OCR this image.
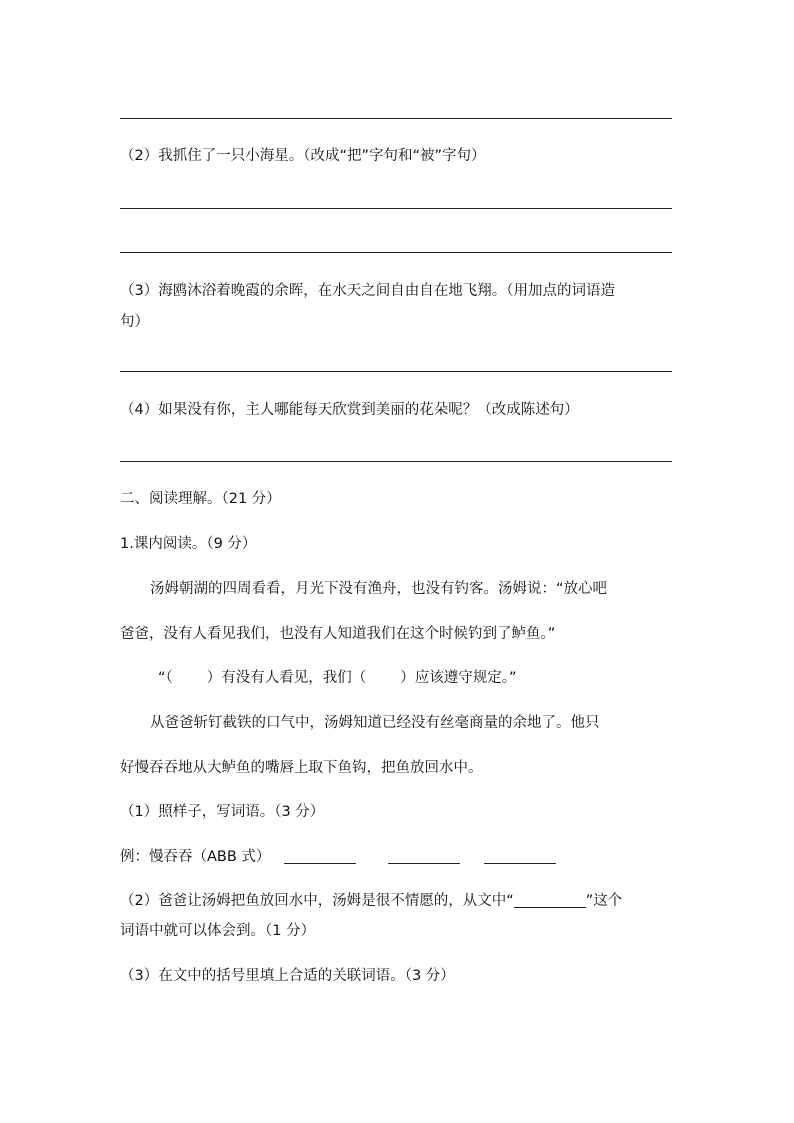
（2）我抓住了一只小海星。（改成“把”字句和“被”字句）
（3）海鸥沐浴着晚霞的余晖，在水天之间自由自在地飞翔。（用加点的词语造
句）
（4）如果没有你，主人哪能每天欣赏到美丽的花朵呢？（改成陈述句）
二、阅读理解。（21 分）
1.课内阅读。（9 分）
汤姆朝湖的四周看看，月光下没有渔舟，也没有钓客。汤姆说：“放心吧
爸爸，没有人看见我们，也没有人知道我们在这个时候钓到了鲈鱼。”
“（ ）有没有人看见，我们（ ）应该遵守规定。”
从爸爸斩钉截铁的口气中，汤姆知道已经没有丝毫商量的余地了。他只
好慢吞吞地从大鲈鱼的嘴唇上取下鱼钩，把鱼放回水中。
（1）照样子，写词语。（3 分）
例：慢吞吞（ABB 式）
（2）爸爸让汤姆把鱼放回水中，汤姆是很不情愿的，从文中“	”这个
词语中就可以体会到。（1 分）
（3）在文中的括号里填上合适的关联词语。（3 分）
